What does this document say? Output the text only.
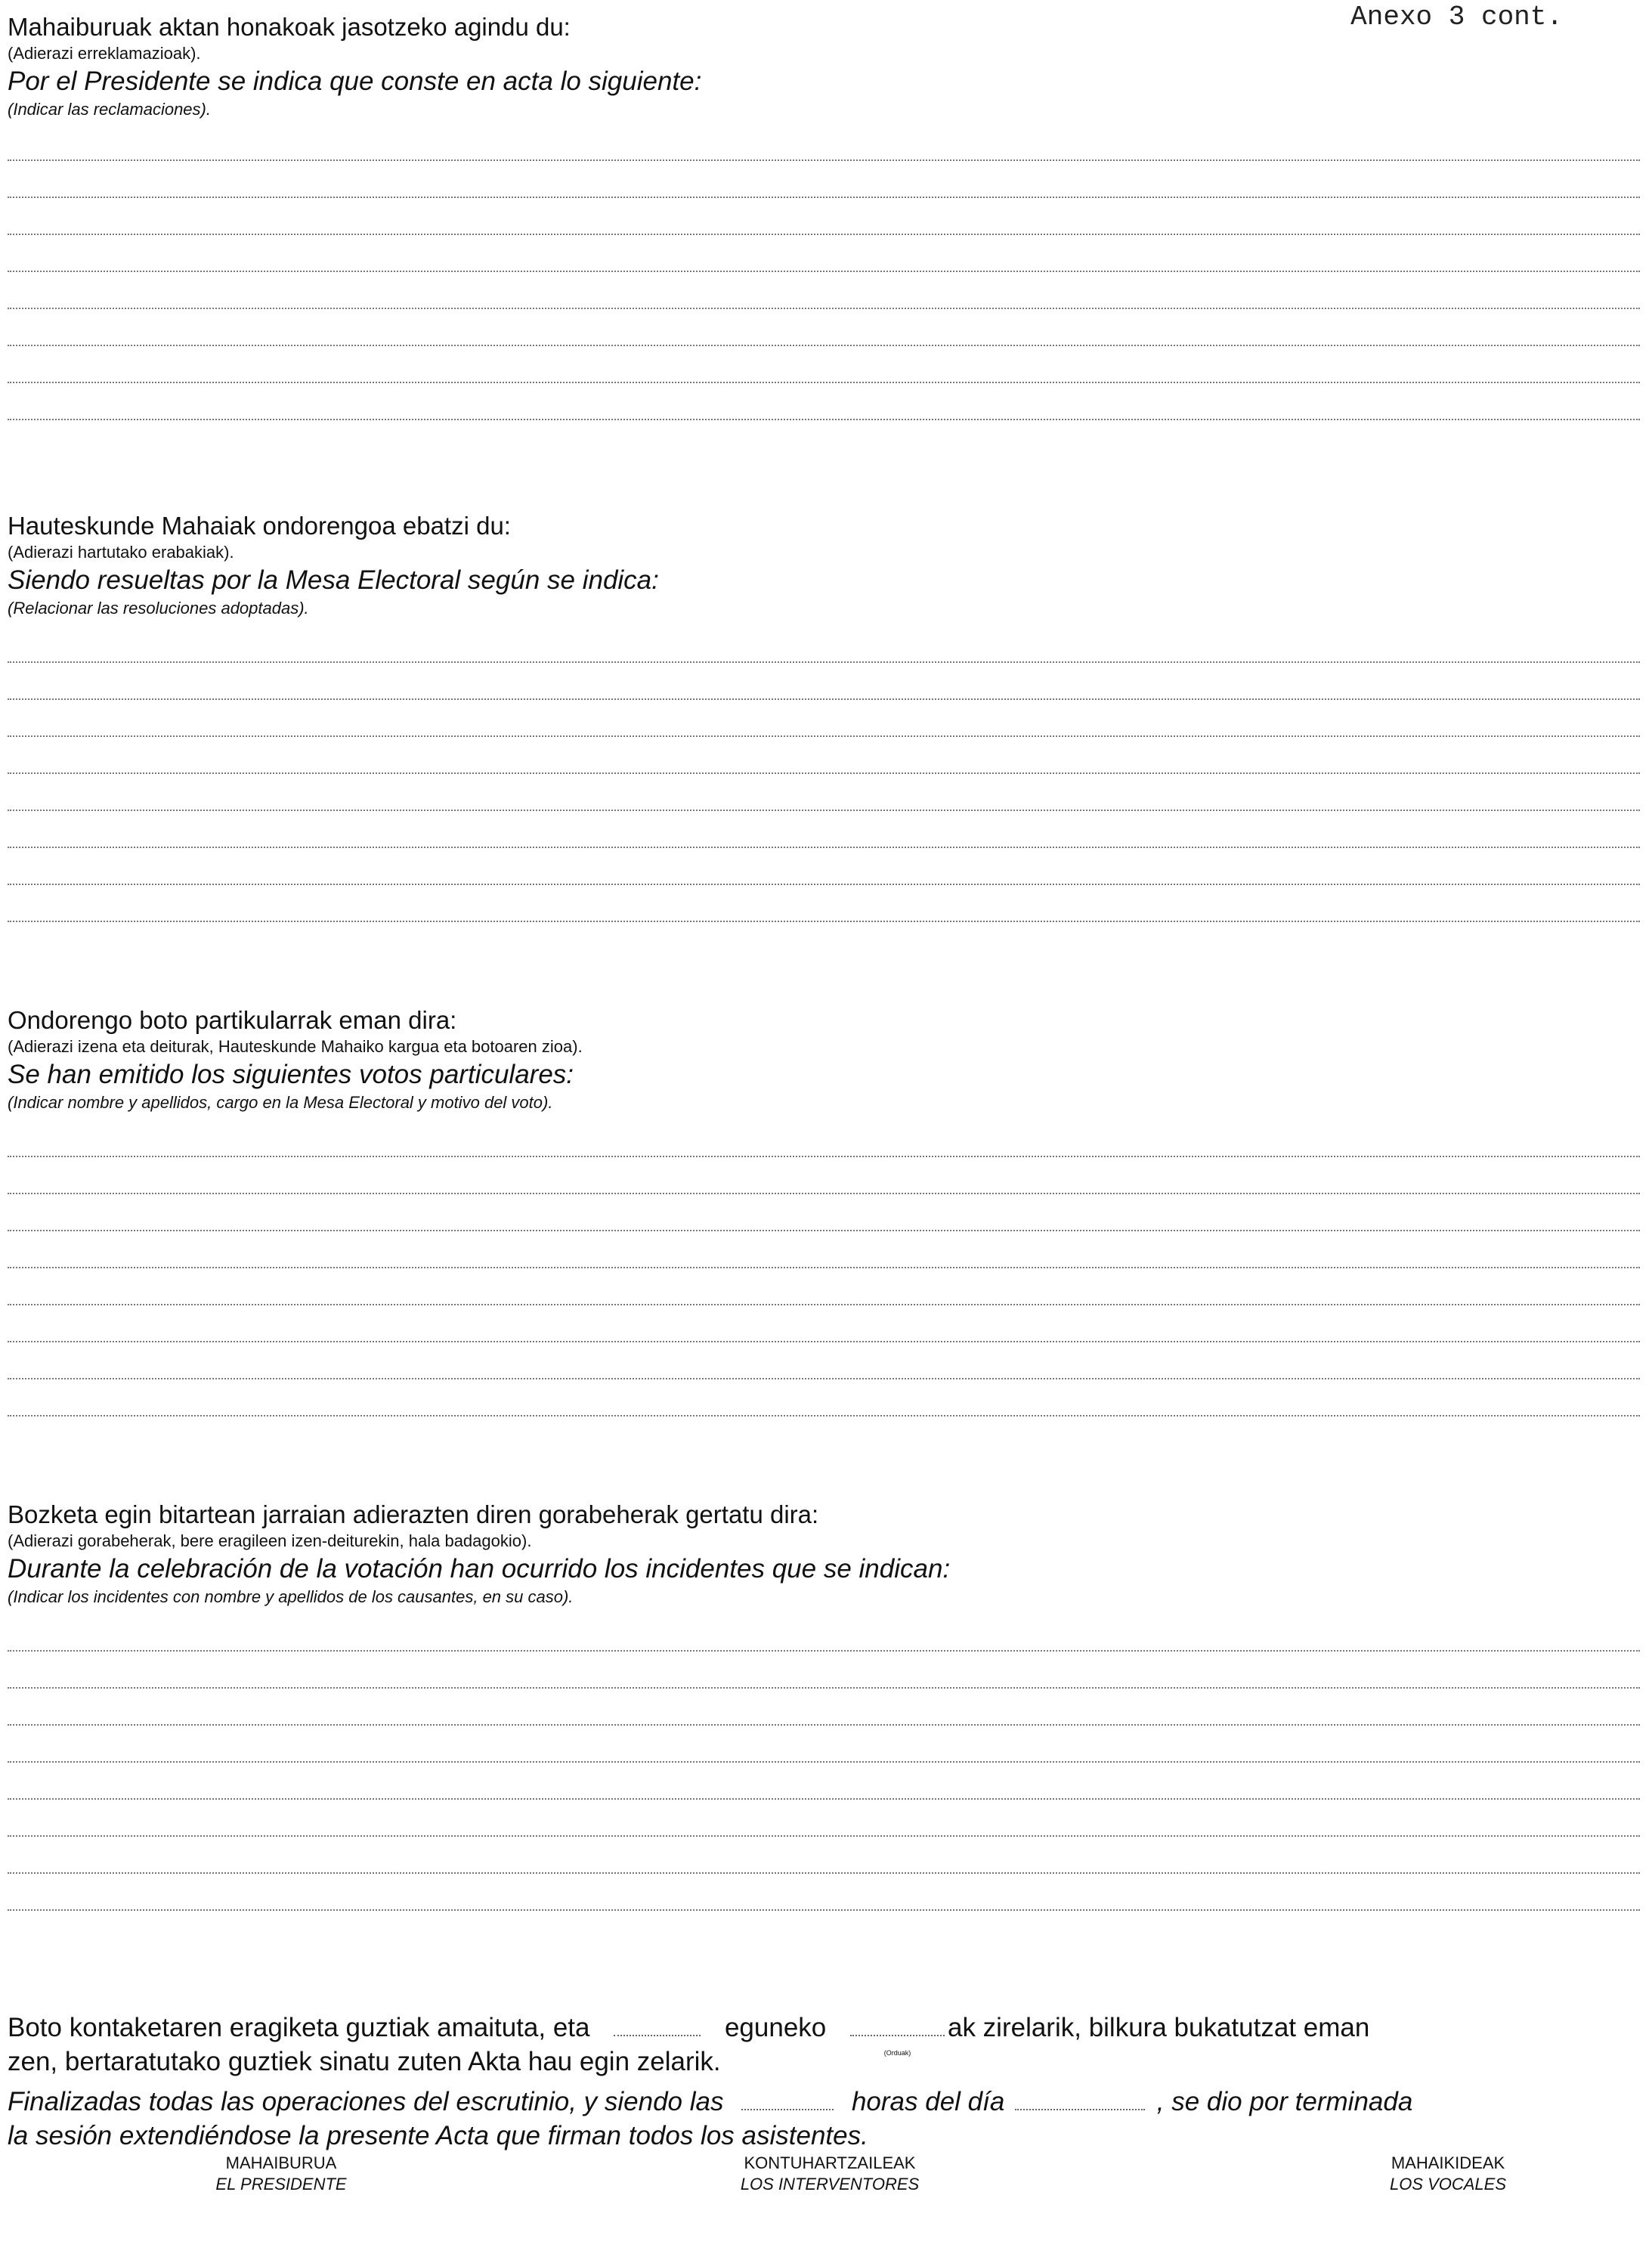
Anexo 3 cont.

Mahaiburuak aktan honakoak jasotzeko agindu du:

(Adierazi erreklamazioak).

Por el Presidente se indica que conste en acta lo siguiente:

(Indicar las reclamaciones).

Hauteskunde Mahaiak ondorengoa ebatzi du:

(Adierazi hartutako erabakiak).

Siendo resueltas por la Mesa Electoral según se indica:

(Relacionar las resoluciones adoptadas).

Ondorengo boto partikularrak eman dira:

(Adierazi izena eta deiturak, Hauteskunde Mahaiko kargua eta botoaren zioa).

Se han emitido los siguientes votos particulares:

(Indicar nombre y apellidos, cargo en la Mesa Electoral y motivo del voto).

Bozketa egin bitartean jarraian adierazten diren gorabeherak gertatu dira:

(Adierazi gorabeherak, bere eragileen izen-deiturekin, hala badagokio).

Durante la celebración de la votación han ocurrido los incidentes que se indican:

(Indicar los incidentes con nombre y apellidos de los causantes, en su caso).

Boto kontaketaren eragiketa guztiak amaituta, eta	eguneko
(Orduak)
ak zirelarik, bilkura bukatutzat eman

zen, bertaratutako guztiek sinatu zuten Akta hau egin zelarik.

Finalizadas todas las operaciones del escrutinio, y siendo las	horas del día	, se dio por terminada

la sesión extendiéndose la presente Acta que firman todos los asistentes.

MAHAIBURUA
EL PRESIDENTE
KONTUHARTZAILEAK
LOS INTERVENTORES
MAHAIKIDEAK
LOS VOCALES
